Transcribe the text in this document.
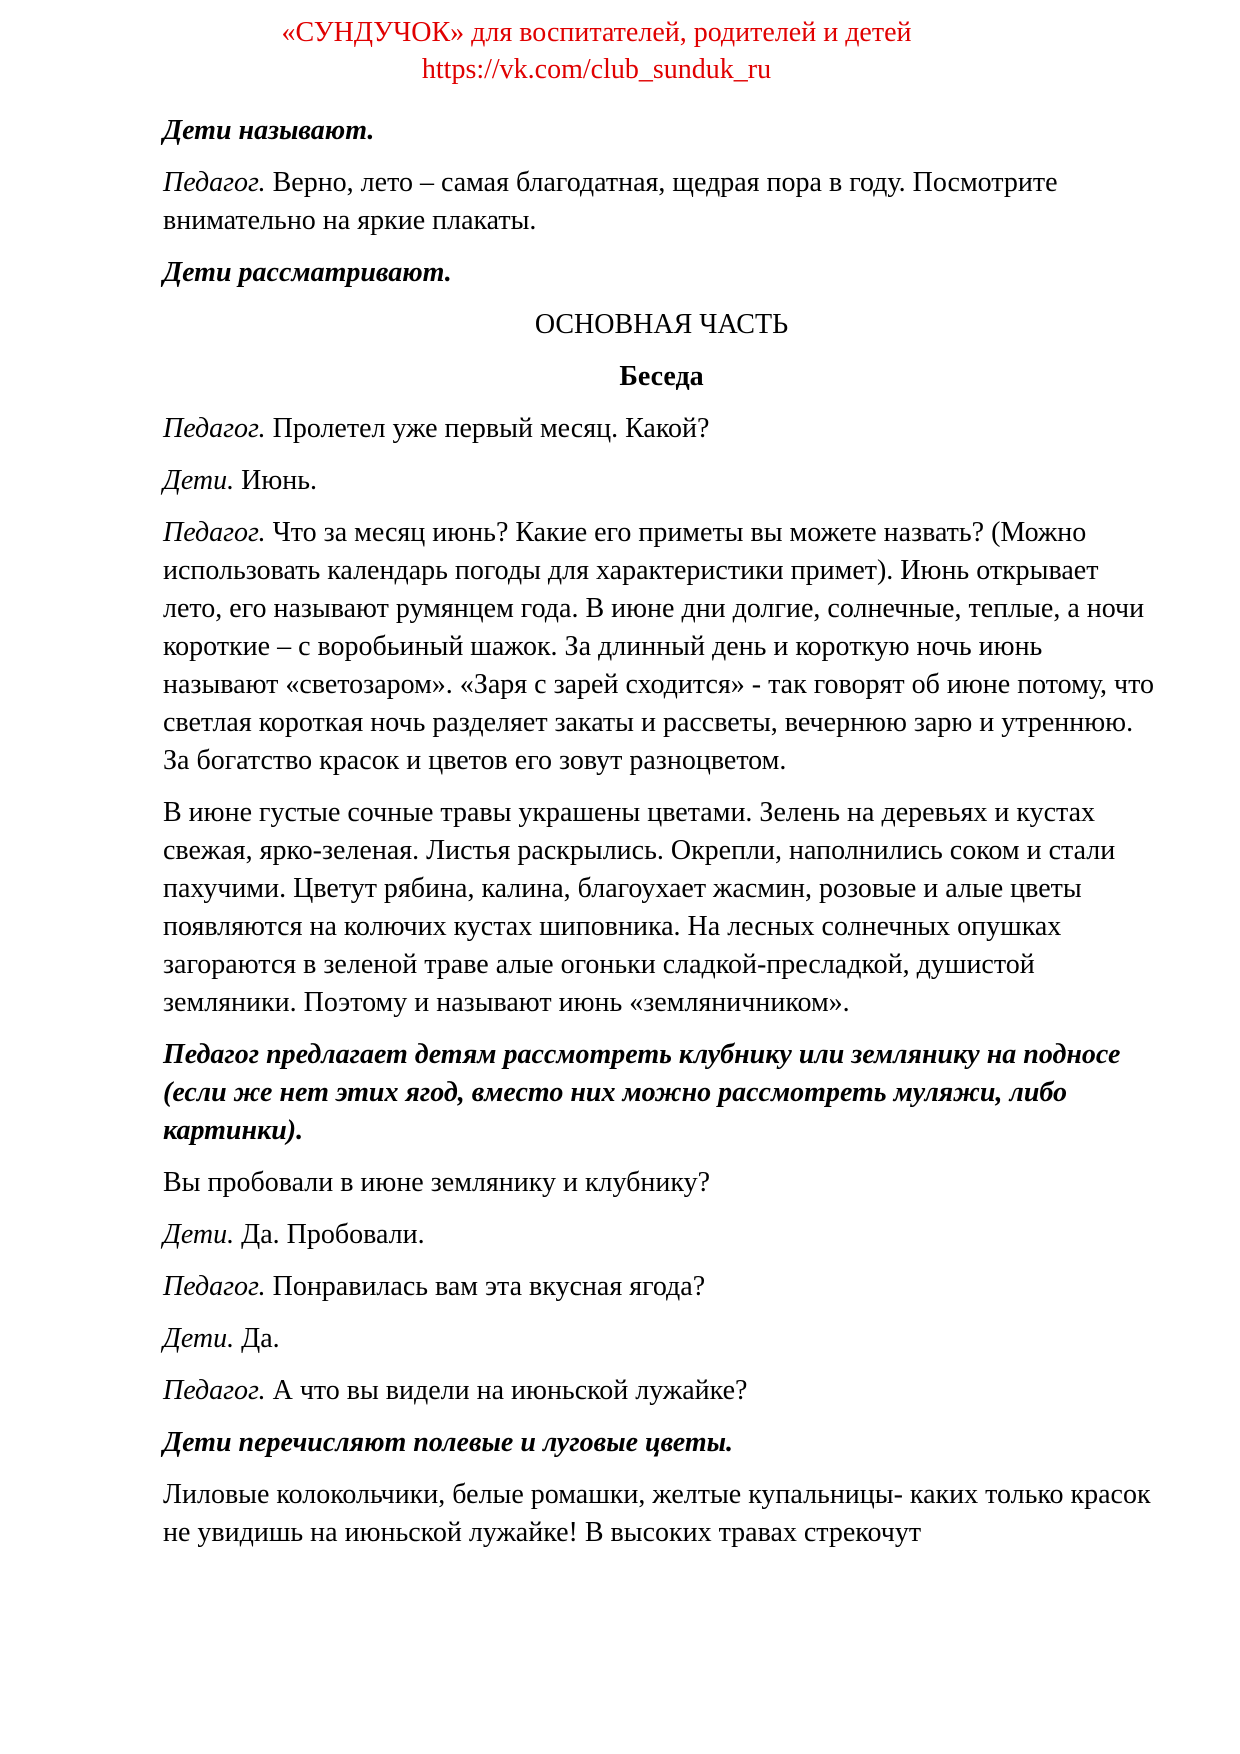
«СУНДУЧОК» для воспитателей, родителей и детей
https://vk.com/club_sunduk_ru

Дети называют.

Педагог. Верно, лето – самая благодатная, щедрая пора в году. Посмотрите внимательно на яркие плакаты.

Дети рассматривают.

ОСНОВНАЯ ЧАСТЬ

Беседа

Педагог. Пролетел уже первый месяц. Какой?

Дети. Июнь.

Педагог. Что за месяц июнь? Какие его приметы вы можете назвать? (Можно использовать календарь погоды для характеристики примет). Июнь открывает лето, его называют румянцем года. В июне дни долгие, солнечные, теплые, а ночи короткие – с воробьиный шажок. За длинный день и короткую ночь июнь называют «светозаром». «Заря с зарей сходится» - так говорят об июне потому, что светлая короткая ночь разделяет закаты и рассветы, вечернюю зарю и утреннюю. За богатство красок и цветов его зовут разноцветом.

В июне густые сочные травы украшены цветами. Зелень на деревьях и кустах свежая, ярко-зеленая. Листья раскрылись. Окрепли, наполнились соком и стали пахучими. Цветут рябина, калина, благоухает жасмин, розовые и алые цветы появляются на колючих кустах шиповника. На лесных солнечных опушках загораются в зеленой траве алые огоньки сладкой-пресладкой, душистой земляники. Поэтому и называют июнь «земляничником».

Педагог предлагает детям рассмотреть клубнику или землянику на подносе (если же нет этих ягод, вместо них можно рассмотреть муляжи, либо картинки).

Вы пробовали в июне землянику и клубнику?

Дети. Да. Пробовали.

Педагог. Понравилась вам эта вкусная ягода?

Дети. Да.

Педагог. А что вы видели на июньской лужайке?

Дети перечисляют полевые и луговые цветы.

Лиловые колокольчики, белые ромашки, желтые купальницы- каких только красок не увидишь на июньской лужайке! В высоких травах стрекочут
